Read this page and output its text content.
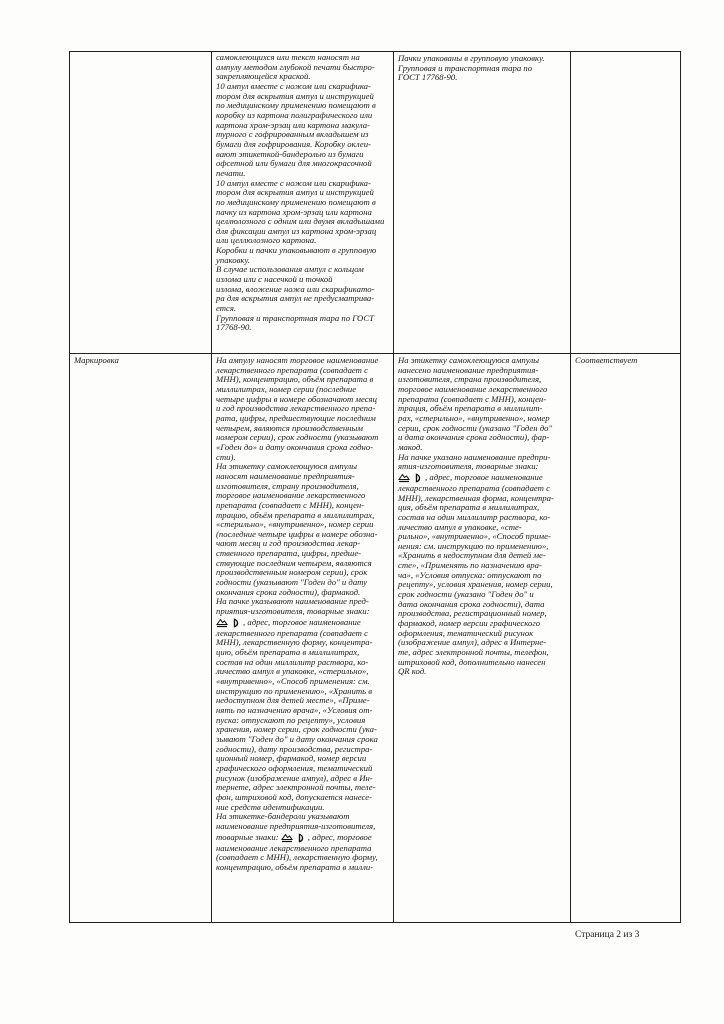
самоклеющихся или текст наносят на

ампулу методом глубокой печати быстро-

закрепляющейся краской.

10 ампул вместе с ножом или скарифика-

тором для вскрытия ампул и инструкцией

по медицинскому применению помещают в

коробку из картона полиграфического или

картона хром-эрзац или картона макула-

турного с гофрированным вкладышем из

бумаги для гофрирования. Коробку оклеи-

вают этикеткой-бандеролью из бумаги

офсетной или бумаги для многокрасочной

печати.

10 ампул вместе с ножом или скарифика-

тором для вскрытия ампул и инструкцией

по медицинскому применению помещают в

пачку из картона хром-эрзац или картона

целлюлозного с одним или двумя вкладышами

для фиксации ампул из картона хром-эрзац

или целлюлозного картона.

Коробки и пачки упаковывают в групповую

упаковку.

В случае использования ампул с кольцом

излома или с насечкой и точкой

излома, вложение ножа или скарификато-

ра для вскрытия ампул не предусматрива-

ется.

Групповая и транспортная тара по ГОСТ

17768-90.

Пачки упакованы в групповую упаковку.

Групповая и транспортная тара по

ГОСТ 17768-90.

Маркировка	На ампулу наносят торговое наименование

лекарственного препарата (совпадает с

МНН), концентрацию, объём препарата в

миллилитрах, номер серии (последние

четыре цифры в номере обозначают месяц

и год производства лекарственного препа-

рата, цифры, предшествующие последним

четырем, являются производственным

номером серии), срок годности (указывают

«Годен до» и дату окончания срока годно-

сти).

На этикетку самоклеющуюся ампулы

наносят наименование предприятия-

изготовителя, страну производителя,

торговое наименование лекарственного

препарата (совпадает с МНН), концен-

трацию, объём препарата в миллилитрах,

«стерильно», «внутривенно», номер серии

(последние четыре цифры в номере обозна-

чают месяц и год производства лекар-

ственного препарата, цифры, предше-

ствующие последним четырем, являются

производственным номером серии), срок

годности (указывают "Годен до" и дату

окончания срока годности), фармакод.

На пачке указывают наименование пред-

приятия-изготовителя, товарные знаки:

, адрес, торговое наименование

лекарственного препарата (совпадает с

МНН), лекарственную форму, концентра-

цию, объём препарата в миллилитрах,

состав на один миллилитр раствора, ко-

личество ампул в упаковке, «стерильно»,

«внутривенно», «Способ применения: см.

инструкцию по применению», «Хранить в

недоступном для детей месте», «Приме-

нять по назначению врача», «Условия от-

пуска: отпускают по рецепту», условия

хранения, номер серии, срок годности (ука-

зывают "Годен до" и дату окончания срока

годности), дату производства, регистра-

ционный номер, фармакод, номер версии

графического оформления, тематический

рисунок (изображение ампул), адрес в Ин-

тернете, адрес электронной почты, теле-

фон, штриховой код, допускается нанесе-

ние средств идентификации.

На этикетке-бандероли указывают

наименование предприятия-изготовителя,

товарные знаки:	, адрес, торговое

наименование лекарственного препарата

(совпадает с МНН), лекарственную форму,

концентрацию, объём препарата в милли-

На этикетку самоклеющуюся ампулы

нанесено наименование предприятия-

изготовителя, страна производителя,

торговое наименование лекарственного

препарата (совпадает с МНН), концен-

трация, объём препарата в миллилит-

рах, «стерильно», «внутривенно», номер

серии, срок годности (указано "Годен до"

и дата окончания срока годности), фар-

макод.

На пачке указано наименование предпри-

ятия-изготовителя, товарные знаки:

, адрес, торговое наименование

лекарственного препарата (совпадает с

МНН), лекарственная форма, концентра-

ция, объём препарата в миллилитрах,

состав на один миллилитр раствора, ко-

личество ампул в упаковке, «сте-

рильно», «внутривенно», «Способ приме-

нения: см. инструкцию по применению»,

«Хранить в недоступном для детей ме-

сте», «Применять по назначению вра-

ча», «Условия отпуска: отпускают по

рецепту», условия хранения, номер серии,

срок годности (указано "Годен до" и

дата окончания срока годности), дата

производства, регистрационный номер,

фармакод, номер версии графического

оформления, тематический рисунок

(изображение ампул), адрес в Интерне-

те, адрес электронной почты, телефон,

штриховой код, дополнительно нанесен

QR код.

Соответствует

Страница 2 из 3
